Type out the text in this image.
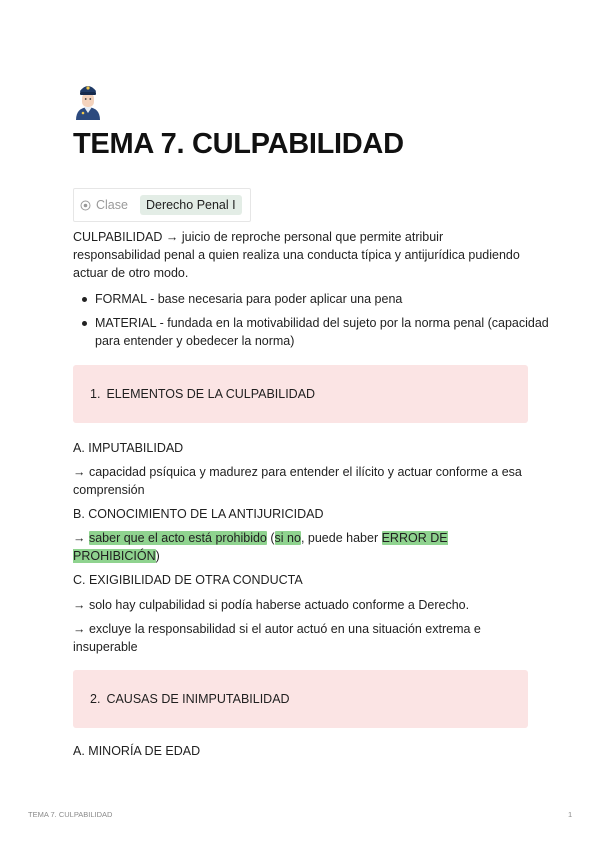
TEMA 7. CULPABILIDAD
Clase	Derecho Penal I

CULPABILIDAD → juicio de reproche personal que permite atribuir responsabilidad penal a quien realiza una conducta típica y antijurídica pudiendo actuar de otro modo.

FORMAL - base necesaria para poder aplicar una pena
MATERIAL - fundada en la motivabilidad del sujeto por la norma penal (capacidad para entender y obedecer la norma)
1. ELEMENTOS DE LA CULPABILIDAD

A. IMPUTABILIDAD

→ capacidad psíquica y madurez para entender el ilícito y actuar conforme a esa comprensión

B. CONOCIMIENTO DE LA ANTIJURICIDAD

→ saber que el acto está prohibido (si no, puede haber ERROR DE PROHIBICIÓN)

C. EXIGIBILIDAD DE OTRA CONDUCTA

→ solo hay culpabilidad si podía haberse actuado conforme a Derecho.

→ excluye la responsabilidad si el autor actuó en una situación extrema e insuperable

2. CAUSAS DE INIMPUTABILIDAD

A. MINORÍA DE EDAD

TEMA 7. CULPABILIDAD	1
